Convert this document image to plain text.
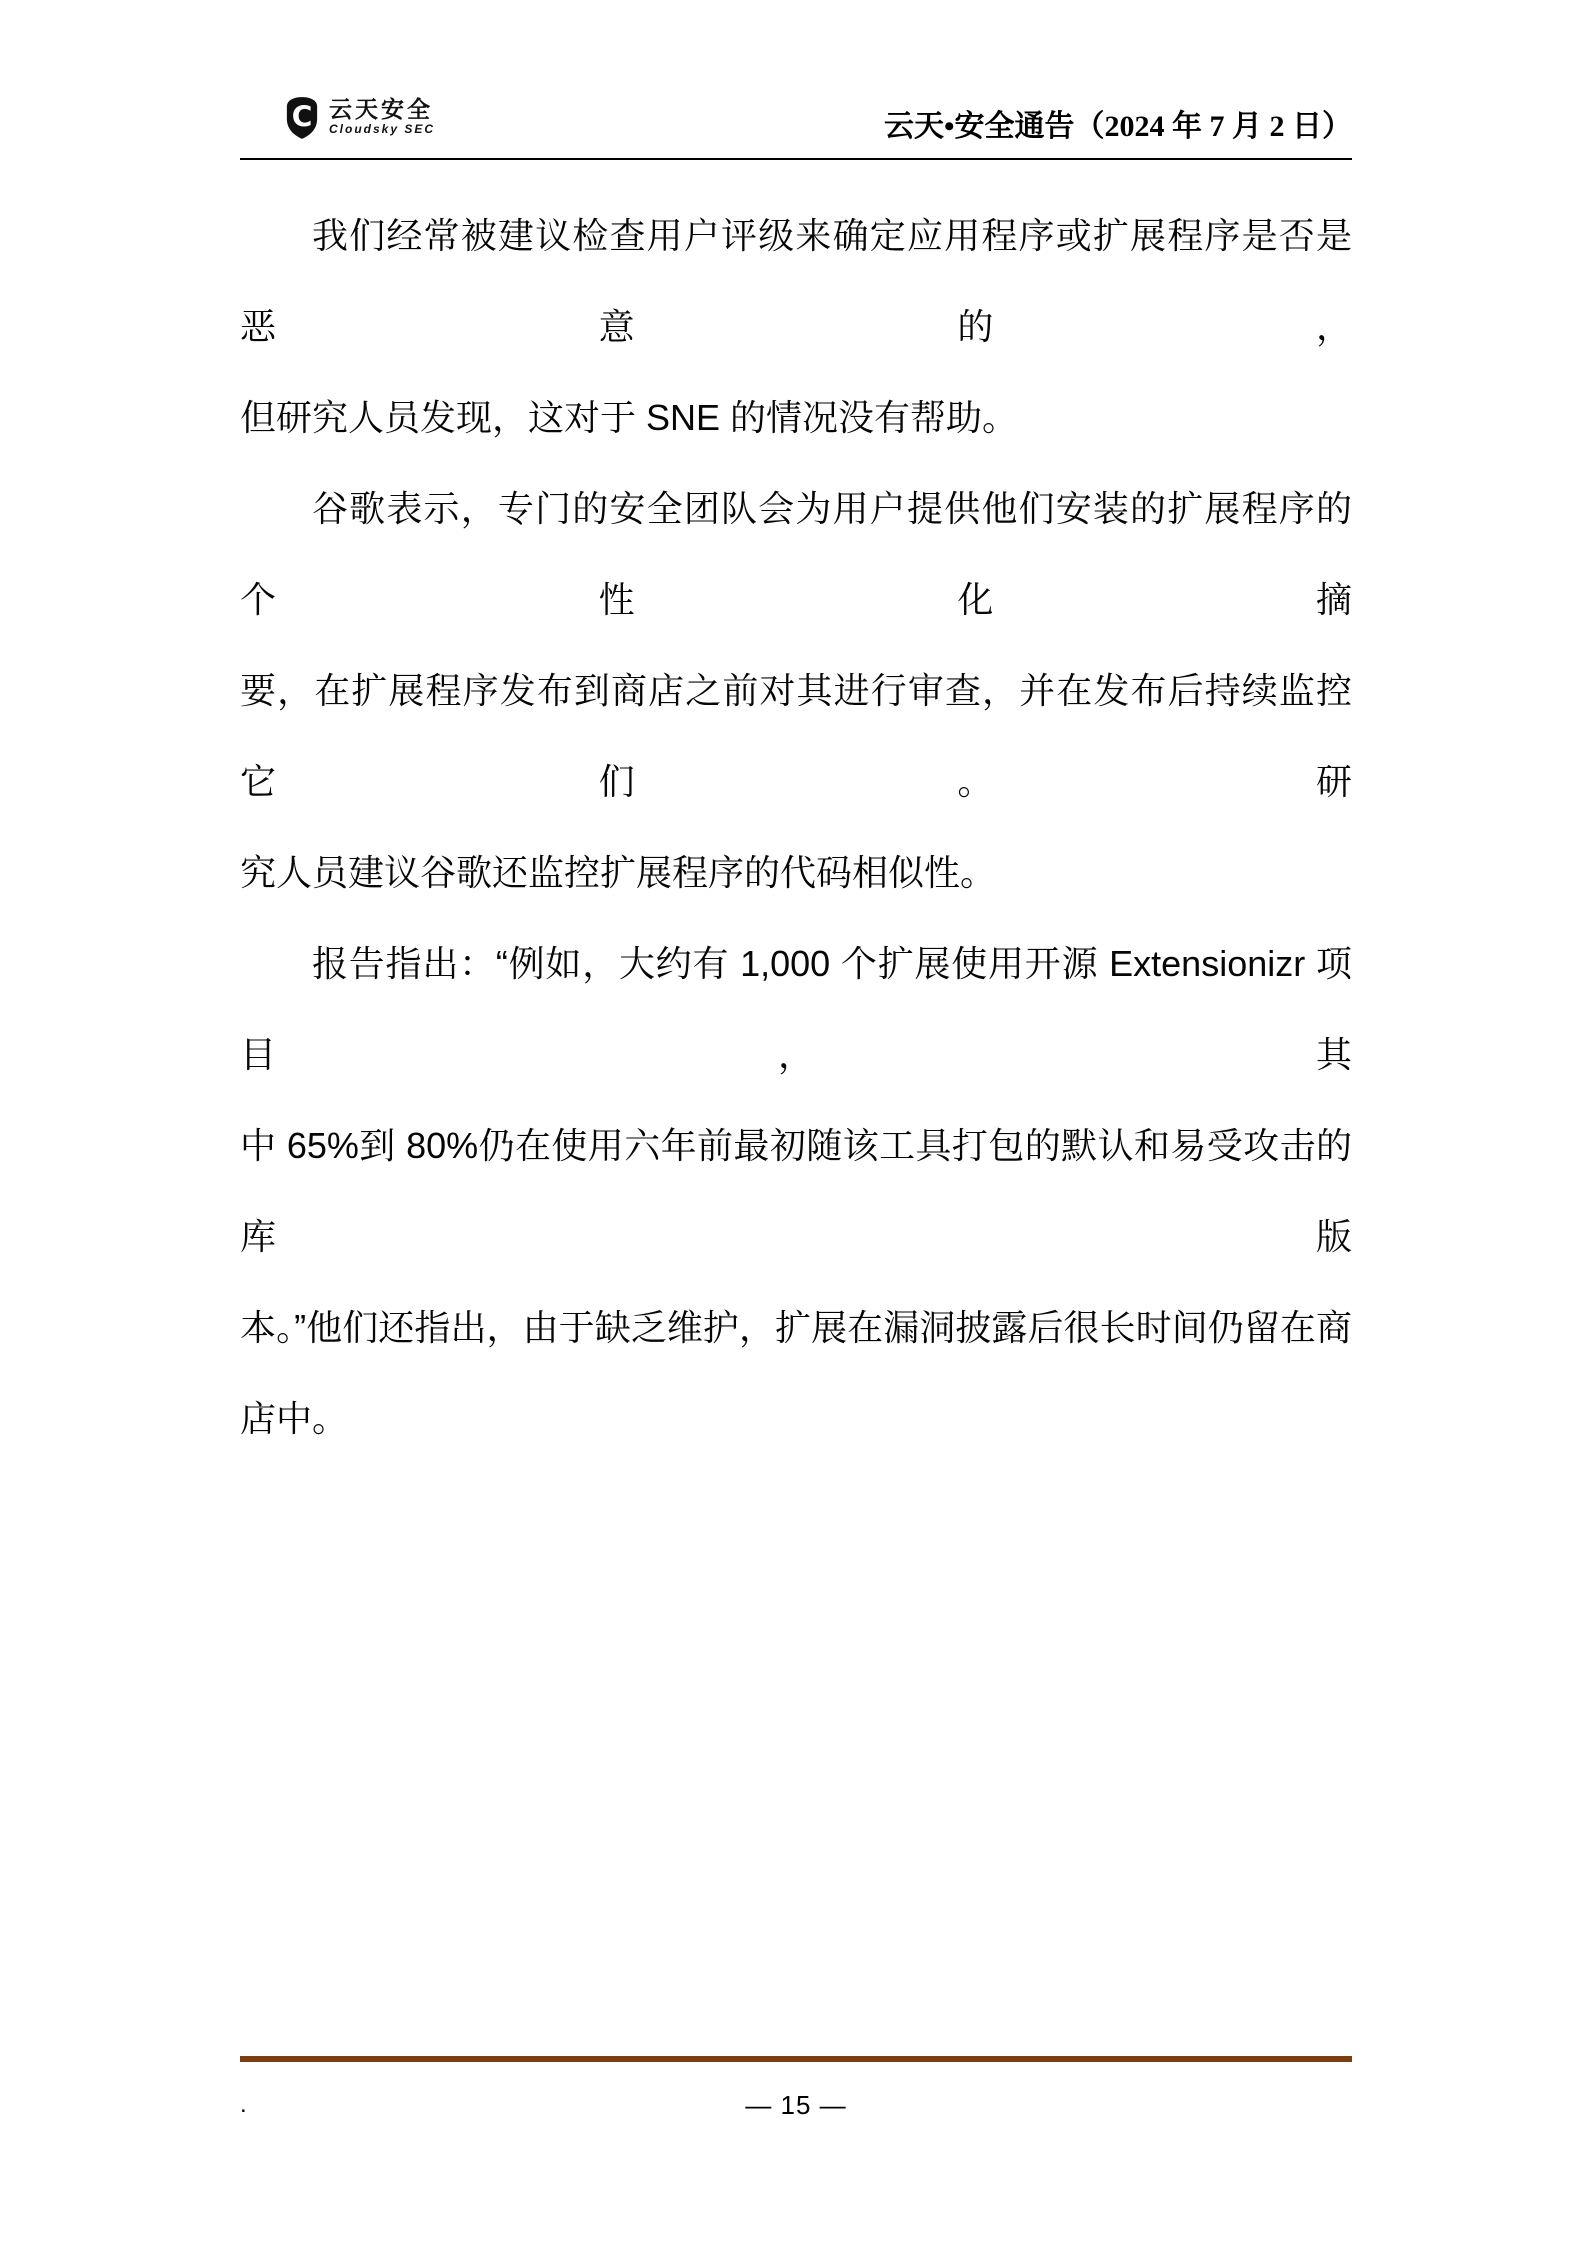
C 云天安全
Cloudsky SEC	云天•安全通告（2024 年 7 月 2 日）
我们经常被建议检查用户评级来确定应用程序或扩展程序是否是恶意的，
但研究人员发现，这对于 SNE 的情况没有帮助。
谷歌表示，专门的安全团队会为用户提供他们安装的扩展程序的个性化摘
要，在扩展程序发布到商店之前对其进行审查，并在发布后持续监控它们。研
究人员建议谷歌还监控扩展程序的代码相似性。
报告指出：“例如，大约有 1,000 个扩展使用开源 Extensionizr 项目，其
中 65%到 80%仍在使用六年前最初随该工具打包的默认和易受攻击的库版
本。”他们还指出，由于缺乏维护，扩展在漏洞披露后很长时间仍留在商店中。
.	— 15 —
